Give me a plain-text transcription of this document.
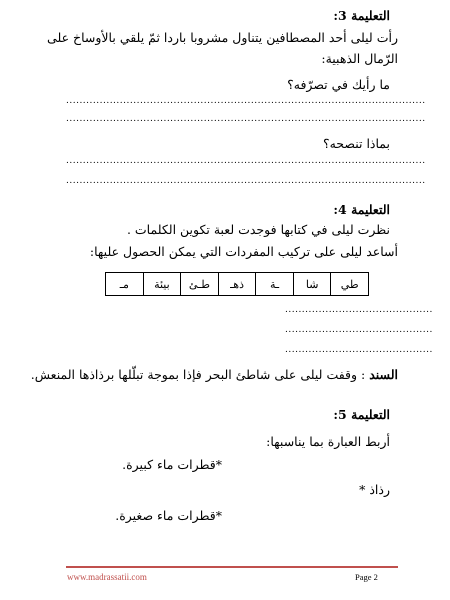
التعليمة 3:
رأت ليلى أحد المصطافين يتناول مشروبا باردا ثمّ يلقي بالأوساخ على
الرّمال الذهبية:
ما رأيك في تصرّفه؟
...........................................................................................................
...........................................................................................................
بماذا تنصحه؟
...........................................................................................................
...........................................................................................................
التعليمة 4:
نظرت ليلى في كتابها فوجدت لعبة تكوين الكلمات .
أساعد ليلى على تركيب المفردات التي يمكن الحصول عليها:
طي	شا	ـة	ذهـ	طـئ	بيئة	مـ
............................................
............................................
............................................
السند : وقفت ليلى على شاطئ البحر فإذا بموجة تبلّلها برذاذها المنعش.
التعليمة 5:
أربط العبارة بما يناسبها:
*قطرات ماء كبيرة.
رذاذ *
*قطرات ماء صغيرة.
www.madrassatii.com	Page 2
